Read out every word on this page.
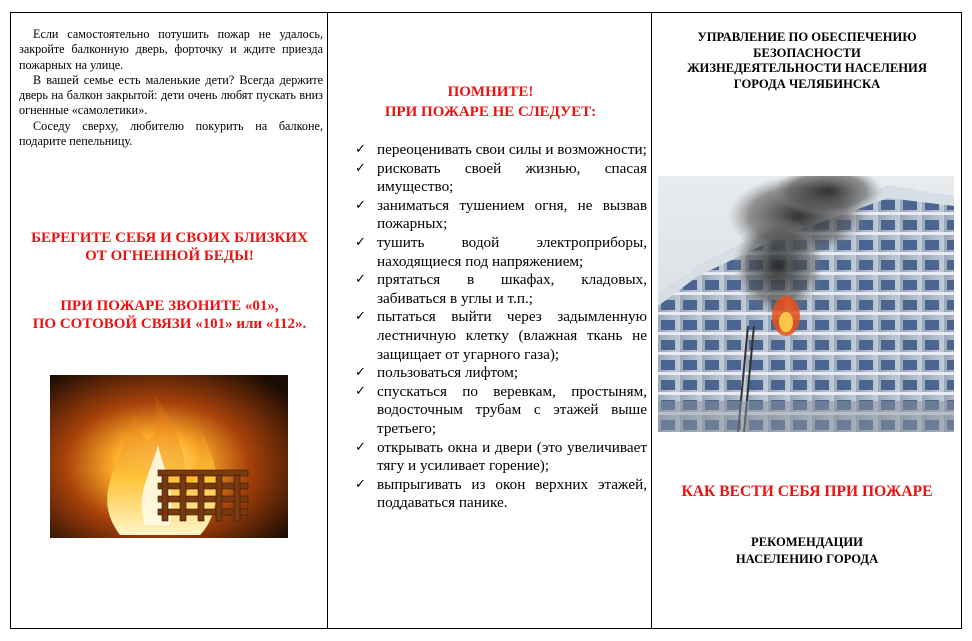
Если самостоятельно потушить пожар не удалось, закройте балконную дверь, форточку и ждите приезда пожарных на улице.

В вашей семье есть маленькие дети? Всегда держите дверь на балкон закрытой: дети очень любят пускать вниз огненные «самолетики».

Соседу сверху, любителю покурить на балконе, подарите пепельницу.

БЕРЕГИТЕ СЕБЯ И СВОИХ БЛИЗКИХ
ОТ ОГНЕННОЙ БЕДЫ!
ПРИ ПОЖАРЕ ЗВОНИТЕ «01»,
ПО СОТОВОЙ СВЯЗИ «101» или «112».
ПОМНИТЕ!
ПРИ ПОЖАРЕ НЕ СЛЕДУЕТ:
✓ переоценивать свои силы и возможности;
✓ рисковать своей жизнью, спасая имущество;
✓ заниматься тушением огня, не вызвав пожарных;
✓ тушить водой электроприборы, находящиеся под напряжением;
✓ прятаться в шкафах, кладовых, забиваться в углы и т.п.;
✓ пытаться выйти через задымленную лестничную клетку (влажная ткань не защищает от угарного газа);
✓ пользоваться лифтом;
✓ спускаться по веревкам, простыням, водосточным трубам с этажей выше третьего;
✓ открывать окна и двери (это увеличивает тягу и усиливает горение);
✓ выпрыгивать из окон верхних этажей, поддаваться панике.
УПРАВЛЕНИЕ ПО ОБЕСПЕЧЕНИЮ
БЕЗОПАСНОСТИ
ЖИЗНЕДЕЯТЕЛЬНОСТИ НАСЕЛЕНИЯ
ГОРОДА ЧЕЛЯБИНСКА
КАК ВЕСТИ СЕБЯ ПРИ ПОЖАРЕ
РЕКОМЕНДАЦИИ
НАСЕЛЕНИЮ ГОРОДА
